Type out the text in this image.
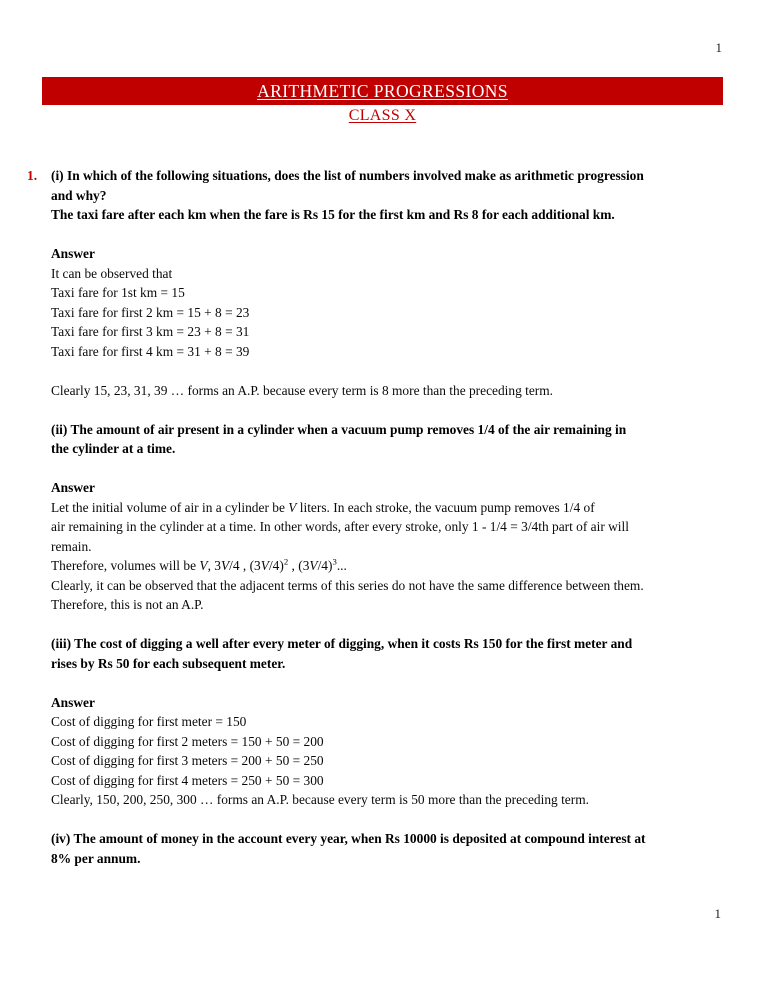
1
ARITHMETIC PROGRESSIONS
CLASS X
1. (i) In which of the following situations, does the list of numbers involved make as arithmetic progression

and why?

The taxi fare after each km when the fare is Rs 15 for the first km and Rs 8 for each additional km.

Answer

It can be observed that

Taxi fare for 1st km = 15

Taxi fare for first 2 km = 15 + 8 = 23

Taxi fare for first 3 km = 23 + 8 = 31

Taxi fare for first 4 km = 31 + 8 = 39

Clearly 15, 23, 31, 39 … forms an A.P. because every term is 8 more than the preceding term.

(ii) The amount of air present in a cylinder when a vacuum pump removes 1/4 of the air remaining in

the cylinder at a time.

Answer

Let the initial volume of air in a cylinder be V liters. In each stroke, the vacuum pump removes 1/4 of

air remaining in the cylinder at a time. In other words, after every stroke, only 1 - 1/4 = 3/4th part of air will

remain.

Therefore, volumes will be V, 3V/4 , $(3V/4)^2$ , $(3V/4)^3$...

Clearly, it can be observed that the adjacent terms of this series do not have the same difference between them.

Therefore, this is not an A.P.

(iii) The cost of digging a well after every meter of digging, when it costs Rs 150 for the first meter and

rises by Rs 50 for each subsequent meter.

Answer

Cost of digging for first meter = 150

Cost of digging for first 2 meters = 150 + 50 = 200

Cost of digging for first 3 meters = 200 + 50 = 250

Cost of digging for first 4 meters = 250 + 50 = 300

Clearly, 150, 200, 250, 300 … forms an A.P. because every term is 50 more than the preceding term.

(iv) The amount of money in the account every year, when Rs 10000 is deposited at compound interest at

8% per annum.

1
